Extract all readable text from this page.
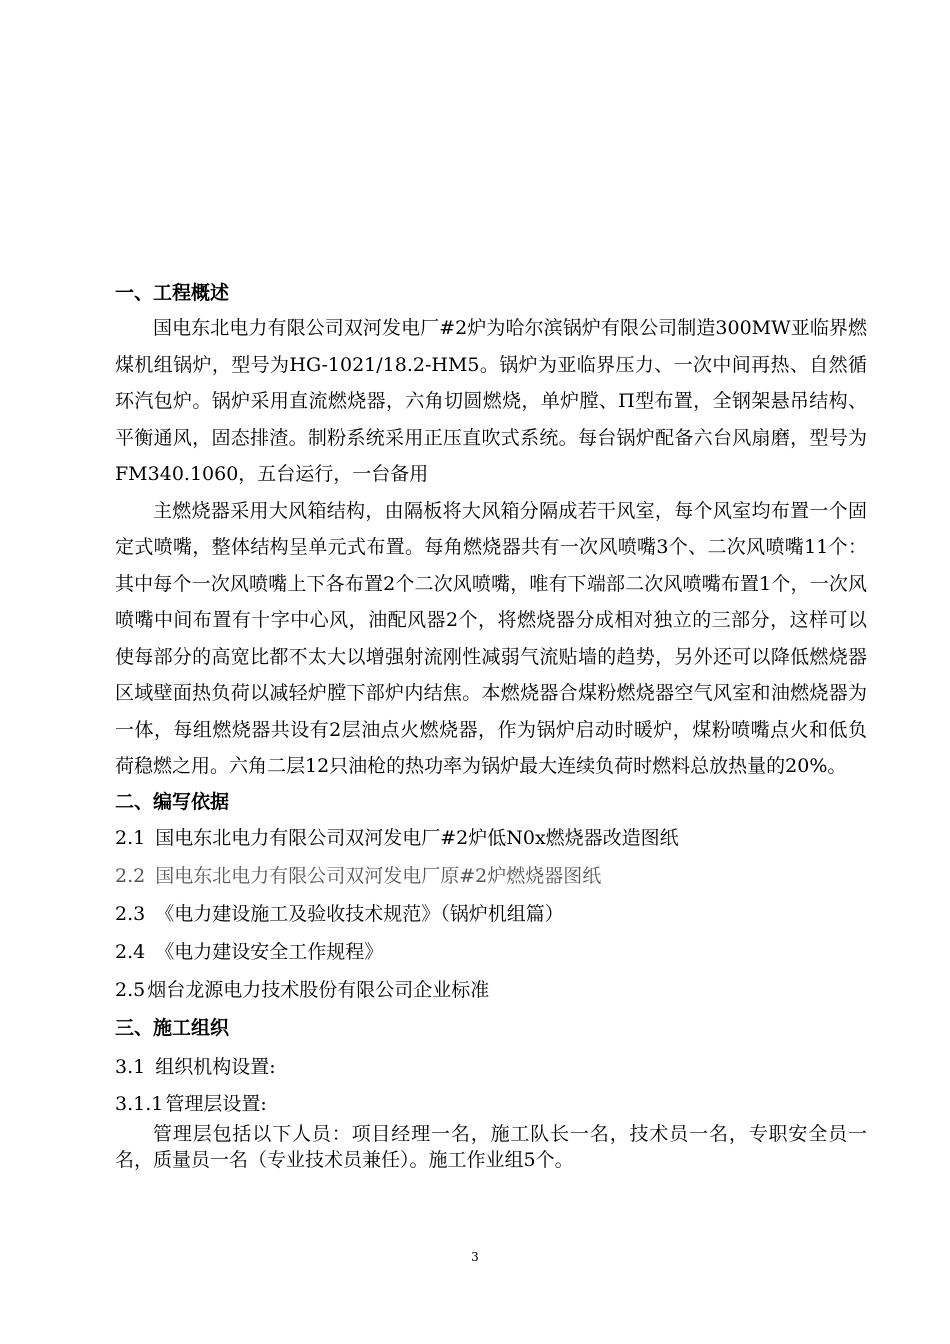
一、工程概述

国电东北电力有限公司双河发电厂#2炉为哈尔滨锅炉有限公司制造300MW亚临界燃煤机组锅炉，型号为HG-1021/18.2-HM5。锅炉为亚临界压力、一次中间再热、自然循环汽包炉。锅炉采用直流燃烧器，六角切圆燃烧，单炉膛、Π型布置，全钢架悬吊结构、平衡通风，固态排渣。制粉系统采用正压直吹式系统。每台锅炉配备六台风扇磨，型号为FM340.1060，五台运行，一台备用

主燃烧器采用大风箱结构，由隔板将大风箱分隔成若干风室，每个风室均布置一个固定式喷嘴，整体结构呈单元式布置。每角燃烧器共有一次风喷嘴3个、二次风喷嘴11个：其中每个一次风喷嘴上下各布置2个二次风喷嘴，唯有下端部二次风喷嘴布置1个，一次风喷嘴中间布置有十字中心风，油配风器2个，将燃烧器分成相对独立的三部分，这样可以使每部分的高宽比都不太大以增强射流刚性减弱气流贴墙的趋势，另外还可以降低燃烧器区域壁面热负荷以减轻炉膛下部炉内结焦。本燃烧器合煤粉燃烧器空气风室和油燃烧器为一体，每组燃烧器共设有2层油点火燃烧器，作为锅炉启动时暖炉，煤粉喷嘴点火和低负荷稳燃之用。六角二层12只油枪的热功率为锅炉最大连续负荷时燃料总放热量的20%。

二、编写依据
2.1 国电东北电力有限公司双河发电厂#2炉低N0x燃烧器改造图纸
2.2 国电东北电力有限公司双河发电厂原#2炉燃烧器图纸
2.3 《电力建设施工及验收技术规范》（锅炉机组篇）
2.4 《电力建设安全工作规程》
2.5 烟台龙源电力技术股份有限公司企业标准
三、施工组织
3.1 组织机构设置:
3.1.1 管理层设置:

管理层包括以下人员：项目经理一名，施工队长一名，技术员一名，专职安全员一名，质量员一名（专业技术员兼任）。施工作业组5个。

3
